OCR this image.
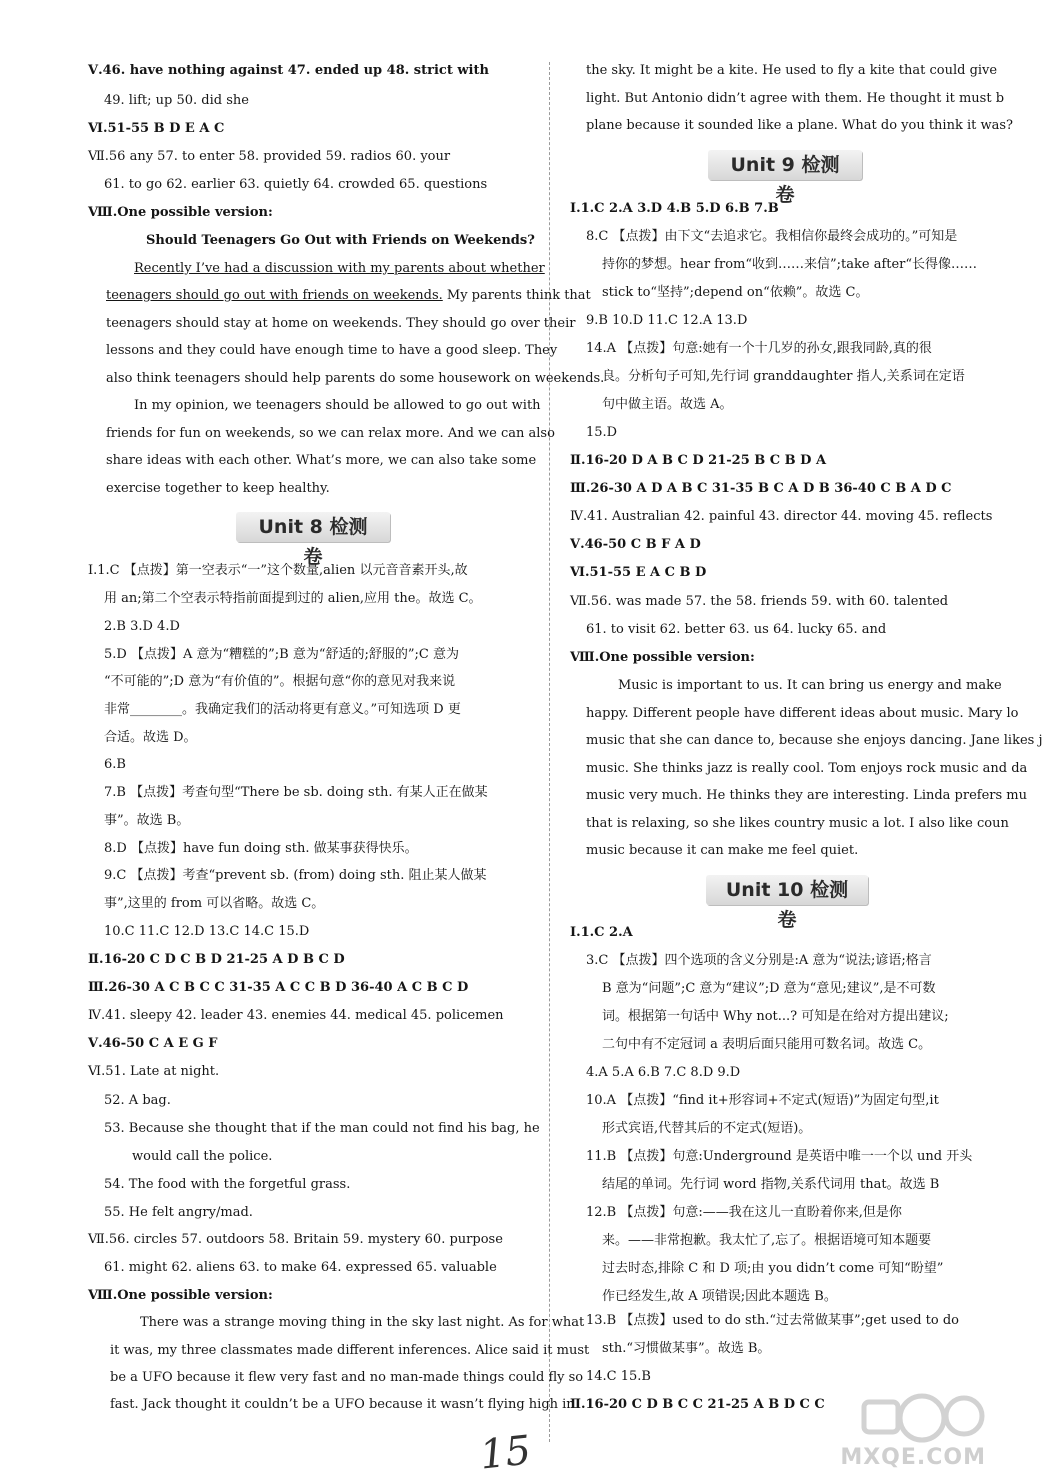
Ⅴ.46. have nothing against 47. ended up 48. strict with
49. lift; up 50. did she
Ⅵ.51-55 B D E A C
Ⅶ.56 any 57. to enter 58. provided 59. radios 60. your
61. to go 62. earlier 63. quietly 64. crowded 65. questions
Ⅷ.One possible version:
Should Teenagers Go Out with Friends on Weekends?
Recently I’ve had a discussion with my parents about whether
teenagers should go out with friends on weekends. My parents think that
teenagers should stay at home on weekends. They should go over their
lessons and they could have enough time to have a good sleep. They
also think teenagers should help parents do some housework on weekends.
In my opinion, we teenagers should be allowed to go out with
friends for fun on weekends, so we can relax more. And we can also
share ideas with each other. What’s more, we can also take some
exercise together to keep healthy.
Ⅰ.1.C 【点拨】第一空表示“一”这个数量,alien 以元音音素开头,故
用 an;第二个空表示特指前面提到过的 alien,应用 the。故选 C。
2.B 3.D 4.D
5.D 【点拨】A 意为“糟糕的”;B 意为“舒适的;舒服的”;C 意为
“不可能的”;D 意为“有价值的”。根据句意“你的意见对我来说
非常________。我确定我们的活动将更有意义。”可知选项 D 更
合适。故选 D。
6.B
7.B 【点拨】考查句型“There be sb. doing sth. 有某人正在做某
事”。故选 B。
8.D 【点拨】have fun doing sth. 做某事获得快乐。
9.C 【点拨】考查“prevent sb. (from) doing sth. 阻止某人做某
事”,这里的 from 可以省略。故选 C。
10.C 11.C 12.D 13.C 14.C 15.D
Ⅱ.16-20 C D C B D 21-25 A D B C D
Ⅲ.26-30 A C B C C 31-35 A C C B D 36-40 A C B C D
Ⅳ.41. sleepy 42. leader 43. enemies 44. medical 45. policemen
Ⅴ.46-50 C A E G F
Ⅵ.51. Late at night.
52. A bag.
53. Because she thought that if the man could not find his bag, he
would call the police.
54. The food with the forgetful grass.
55. He felt angry/mad.
Ⅶ.56. circles 57. outdoors 58. Britain 59. mystery 60. purpose
61. might 62. aliens 63. to make 64. expressed 65. valuable
Ⅷ.One possible version:
There was a strange moving thing in the sky last night. As for what
it was, my three classmates made different inferences. Alice said it must
be a UFO because it flew very fast and no man-made things could fly so
fast. Jack thought it couldn’t be a UFO because it wasn’t flying high in
the sky. It might be a kite. He used to fly a kite that could give
light. But Antonio didn’t agree with them. He thought it must b
plane because it sounded like a plane. What do you think it was?
Ⅰ.1.C 2.A 3.D 4.B 5.D 6.B 7.B
8.C 【点拨】由下文“去追求它。我相信你最终会成功的。”可知是
持你的梦想。hear from“收到……来信”;take after“长得像……
stick to“坚持”;depend on“依赖”。故选 C。
9.B 10.D 11.C 12.A 13.D
14.A 【点拨】句意:她有一个十几岁的孙女,跟我同龄,真的很
良。分析句子可知,先行词 granddaughter 指人,关系词在定语
句中做主语。故选 A。
15.D
Ⅱ.16-20 D A B C D 21-25 B C B D A
Ⅲ.26-30 A D A B C 31-35 B C A D B 36-40 C B A D C
Ⅳ.41. Australian 42. painful 43. director 44. moving 45. reflects
Ⅴ.46-50 C B F A D
Ⅵ.51-55 E A C B D
Ⅶ.56. was made 57. the 58. friends 59. with 60. talented
61. to visit 62. better 63. us 64. lucky 65. and
Ⅷ.One possible version:
Music is important to us. It can bring us energy and make
happy. Different people have different ideas about music. Mary lo
music that she can dance to, because she enjoys dancing. Jane likes j
music. She thinks jazz is really cool. Tom enjoys rock music and da
music very much. He thinks they are interesting. Linda prefers mu
that is relaxing, so she likes country music a lot. I also like coun
music because it can make me feel quiet.
Ⅰ.1.C 2.A
3.C 【点拨】四个选项的含义分别是:A 意为“说法;谚语;格言
B 意为“问题”;C 意为“建议”;D 意为“意见;建议”,是不可数
词。根据第一句话中 Why not...? 可知是在给对方提出建议;
二句中有不定冠词 a 表明后面只能用可数名词。故选 C。
4.A 5.A 6.B 7.C 8.D 9.D
10.A 【点拨】“find it+形容词+不定式(短语)”为固定句型,it
形式宾语,代替其后的不定式(短语)。
11.B 【点拨】句意:Underground 是英语中唯一一个以 und 开头
结尾的单词。先行词 word 指物,关系代词用 that。故选 B
12.B 【点拨】句意:——我在这儿一直盼着你来,但是你
来。——非常抱歉。我太忙了,忘了。根据语境可知本题要
过去时态,排除 C 和 D 项;由 you didn’t come 可知“盼望”
作已经发生,故 A 项错误;因此本题选 B。
13.B 【点拨】used to do sth.“过去常做某事”;get used to do
sth.“习惯做某事”。故选 B。
14.C 15.B
Ⅱ.16-20 C D B C C 21-25 A B D C C
Unit 8 检测卷
Unit 9 检测卷
Unit 10 检测卷
15	MXQE.COM
